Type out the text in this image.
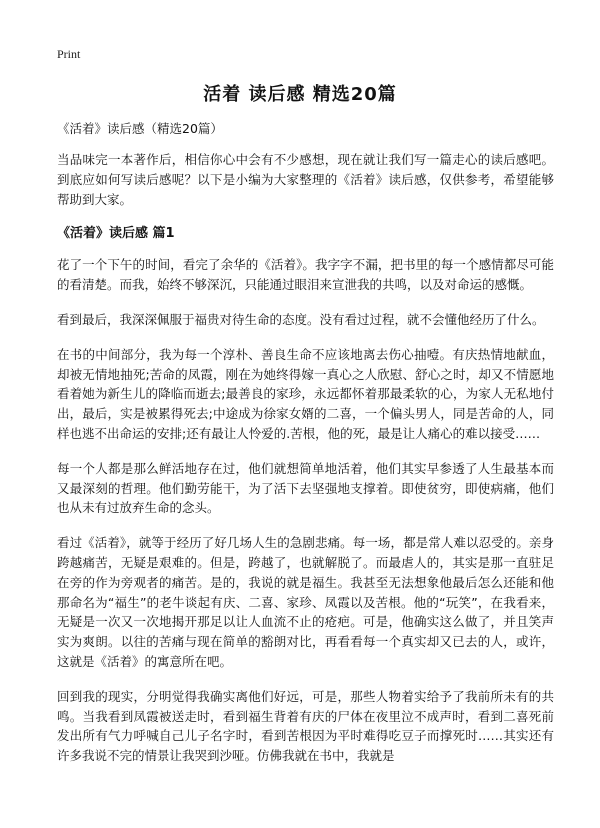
Print
活着 读后感 精选20篇
《活着》读后感（精选20篇）

当品味完一本著作后，相信你心中会有不少感想，现在就让我们写一篇走心的读后感吧。到底应如何写读后感呢？以下是小编为大家整理的《活着》读后感，仅供参考，希望能够帮助到大家。

《活着》读后感 篇1

花了一个下午的时间，看完了余华的《活着》。我字字不漏，把书里的每一个感情都尽可能的看清楚。而我，始终不够深沉，只能通过眼泪来宣泄我的共鸣，以及对命运的感慨。

看到最后，我深深佩服于福贵对待生命的态度。没有看过过程，就不会懂他经历了什么。

在书的中间部分，我为每一个淳朴、善良生命不应该地离去伤心抽噎。有庆热情地献血，却被无情地抽死;苦命的凤霞，刚在为她终得嫁一真心之人欣慰、舒心之时，却又不情愿地看着她为新生儿的降临而逝去;最善良的家珍，永远都怀着那最柔软的心，为家人无私地付出，最后，实是被累得死去;中途成为徐家女婿的二喜，一个偏头男人，同是苦命的人，同样也逃不出命运的安排;还有最让人怜爱的.苦根，他的死，最是让人痛心的难以接受……

每一个人都是那么鲜活地存在过，他们就想简单地活着，他们其实早参透了人生最基本而又最深刻的哲理。他们勤劳能干，为了活下去坚强地支撑着。即使贫穷，即使病痛，他们也从未有过放弃生命的念头。

看过《活着》，就等于经历了好几场人生的急剧悲痛。每一场，都是常人难以忍受的。亲身跨越痛苦，无疑是艰难的。但是，跨越了，也就解脱了。而最虐人的，其实是那一直驻足在旁的作为旁观者的痛苦。是的，我说的就是福生。我甚至无法想象他最后怎么还能和他那命名为“福生”的老牛谈起有庆、二喜、家珍、凤霞以及苦根。他的“玩笑”，在我看来，无疑是一次又一次地揭开那足以让人血流不止的疮疤。可是，他确实这么做了，并且笑声实为爽朗。以往的苦痛与现在简单的豁朗对比，再看看每一个真实却又已去的人，或许，这就是《活着》的寓意所在吧。

回到我的现实，分明觉得我确实离他们好远，可是，那些人物着实给予了我前所未有的共鸣。当我看到凤霞被送走时，看到福生背着有庆的尸体在夜里泣不成声时，看到二喜死前发出所有气力呼喊自己儿子名字时，看到苦根因为平时难得吃豆子而撑死时……其实还有许多我说不完的情景让我哭到沙哑。仿佛我就在书中，我就是
